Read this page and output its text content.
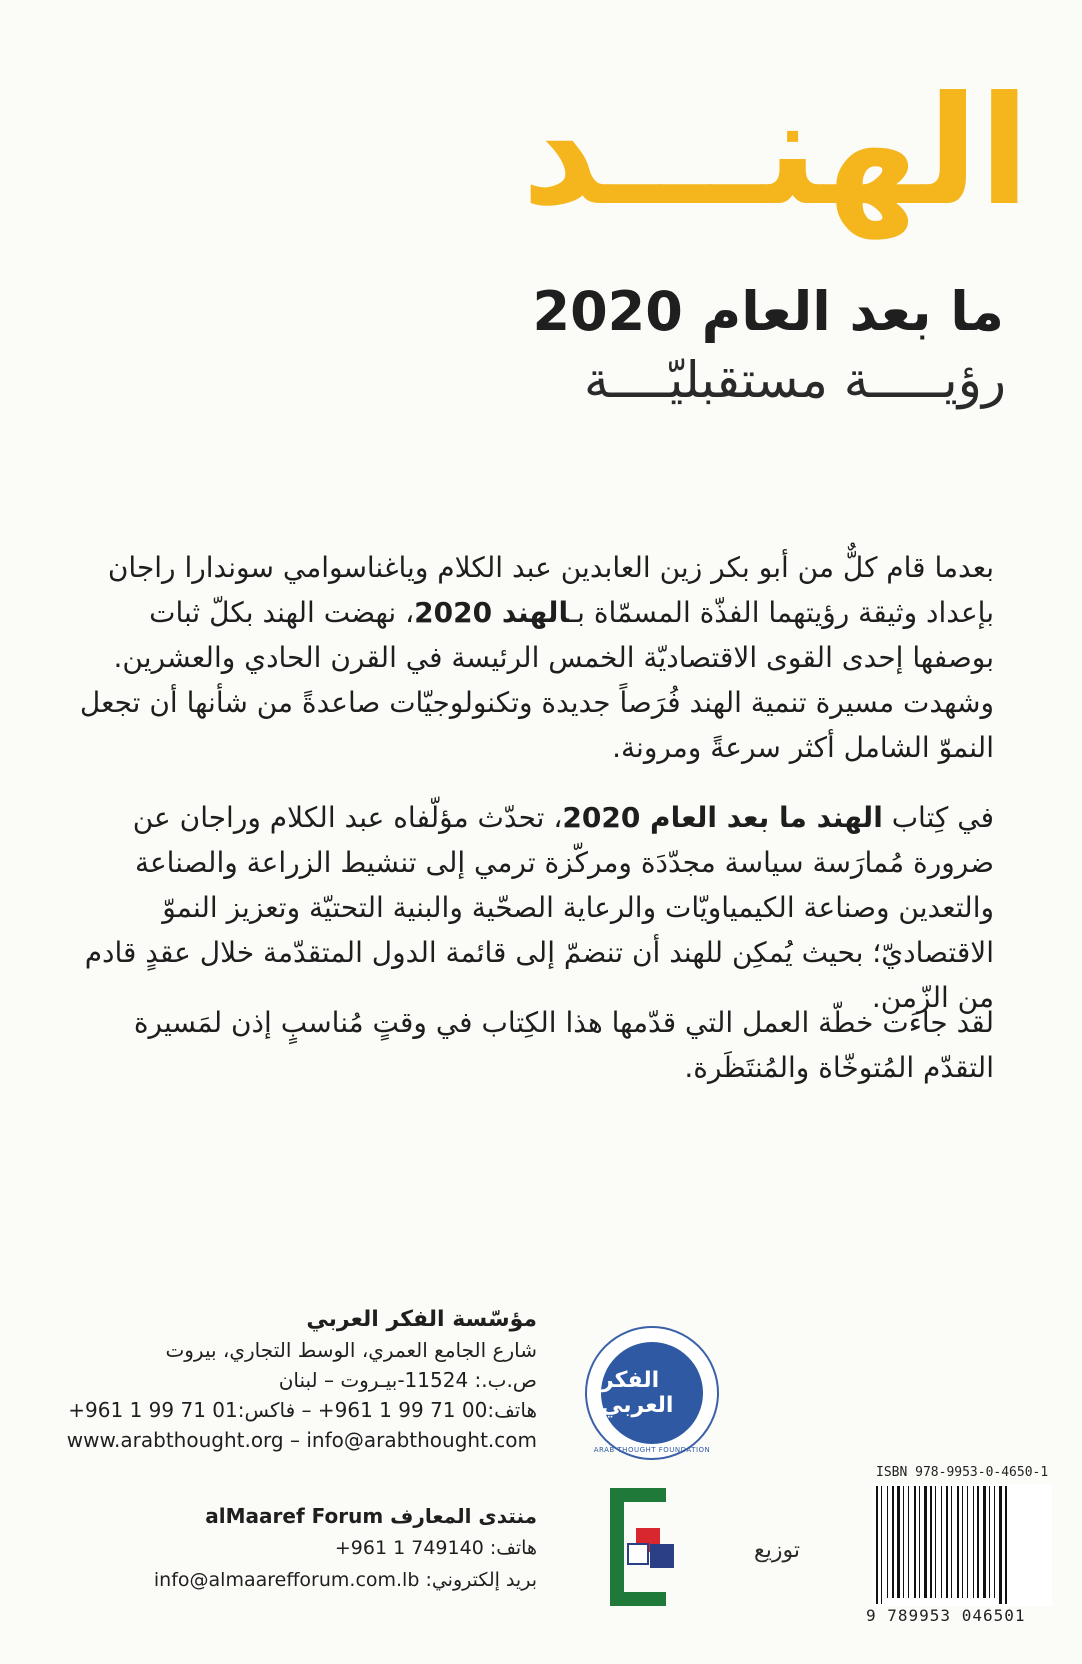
الهنـــد
ما بعد العام 2020
رؤيـــــة مستقبليّــــة
بعدما قام كلٌّ من أبو بكر زين العابدين عبد الكلام وياغناسوامي سوندارا راجان بإعداد وثيقة رؤيتهما الفذّة المسمّاة بـالهند 2020، نهضت الهند بكلّ ثبات بوصفها إحدى القوى الاقتصاديّة الخمس الرئيسة في القرن الحادي والعشرين. وشهدت مسيرة تنمية الهند فُرَصاً جديدة وتكنولوجيّات صاعدةً من شأنها أن تجعل النموّ الشامل أكثر سرعةً ومرونة.
في كِتاب الهند ما بعد العام 2020، تحدّث مؤلّفاه عبد الكلام وراجان عن ضرورة مُمارَسة سياسة مجدّدَة ومركّزة ترمي إلى تنشيط الزراعة والصناعة والتعدين وصناعة الكيمياويّات والرعاية الصحّية والبنية التحتيّة وتعزيز النموّ الاقتصاديّ؛ بحيث يُمكِن للهند أن تنضمّ إلى قائمة الدول المتقدّمة خلال عقدٍ قادم من الزّمن.
لقد جاءَت خطّة العمل التي قدّمها هذا الكِتاب في وقتٍ مُناسبٍ إذن لمَسيرة التقدّم المُتوخّاة والمُنتَظَرة.
مؤسّسة الفكر العربي
شارع الجامع العمري، الوسط التجاري، بيروت
ص.ب.: 11524-بيـروت – لبنان
هاتف:00 71 99 1 961+ – فاكس:01 71 99 1 961+
www.arabthought.org – info@arabthought.com
الفكر العربي
ARAB THOUGHT FOUNDATION
منتدى المعارف alMaaref Forum
هاتف: 749140 1 961+
بريد إلكتروني: info@almaarefforum.com.lb
توزيع
ISBN 978-9953-0-4650-1
9 789953 046501
